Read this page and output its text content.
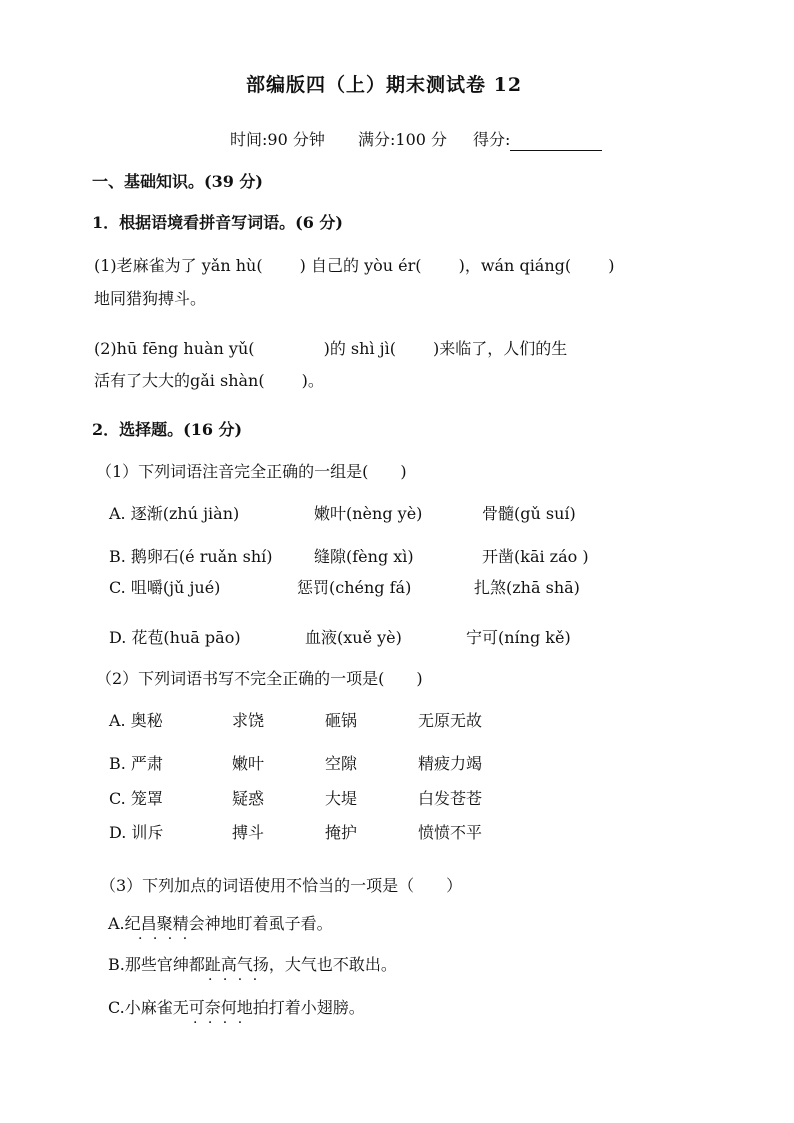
部编版四（上）期末测试卷 12
时间:90 分钟 满分:100 分 得分:
一、基础知识。(39 分)
1．根据语境看拼音写词语。(6 分)
(1)老麻雀为了 yǎn hù(　　 ) 自己的 yòu ér(　　 )，wán qiáng(　　 )
地同猎狗搏斗。
(2)hū fēng huàn yǔ(　　　　 )的 shì jì(　　 )来临了，人们的生
活有了大大的gǎi shàn(　　 )。
2．选择题。(16 分)
（1）下列词语注音完全正确的一组是(　　)
A. 逐渐(zhú jiàn)	嫩叶(nèng yè)	骨髓(gǔ suí)
B. 鹅卵石(é ruǎn shí)	缝隙(fèng xì)	开凿(kāi záo )
C. 咀嚼(jǔ jué)	惩罚(chéng fá)	扎煞(zhā shā)
D. 花苞(huā pāo)	血液(xuě yè)	宁可(níng kě)
（2）下列词语书写不完全正确的一项是(　　)
A. 奥秘	求饶	砸锅	无原无故
B. 严肃	嫩叶	空隙	精疲力竭
C. 笼罩	疑惑	大堤	白发苍苍
D. 训斥	搏斗	掩护	愤愤不平
（3）下列加点的词语使用不恰当的一项是（　　）
A.纪昌聚精会神地盯着虱子看。 · · · ·
B.那些官绅都趾高气扬，大气也不敢出。 · · · ·
C.小麻雀无可奈何地拍打着小翅膀。 · · · ·
